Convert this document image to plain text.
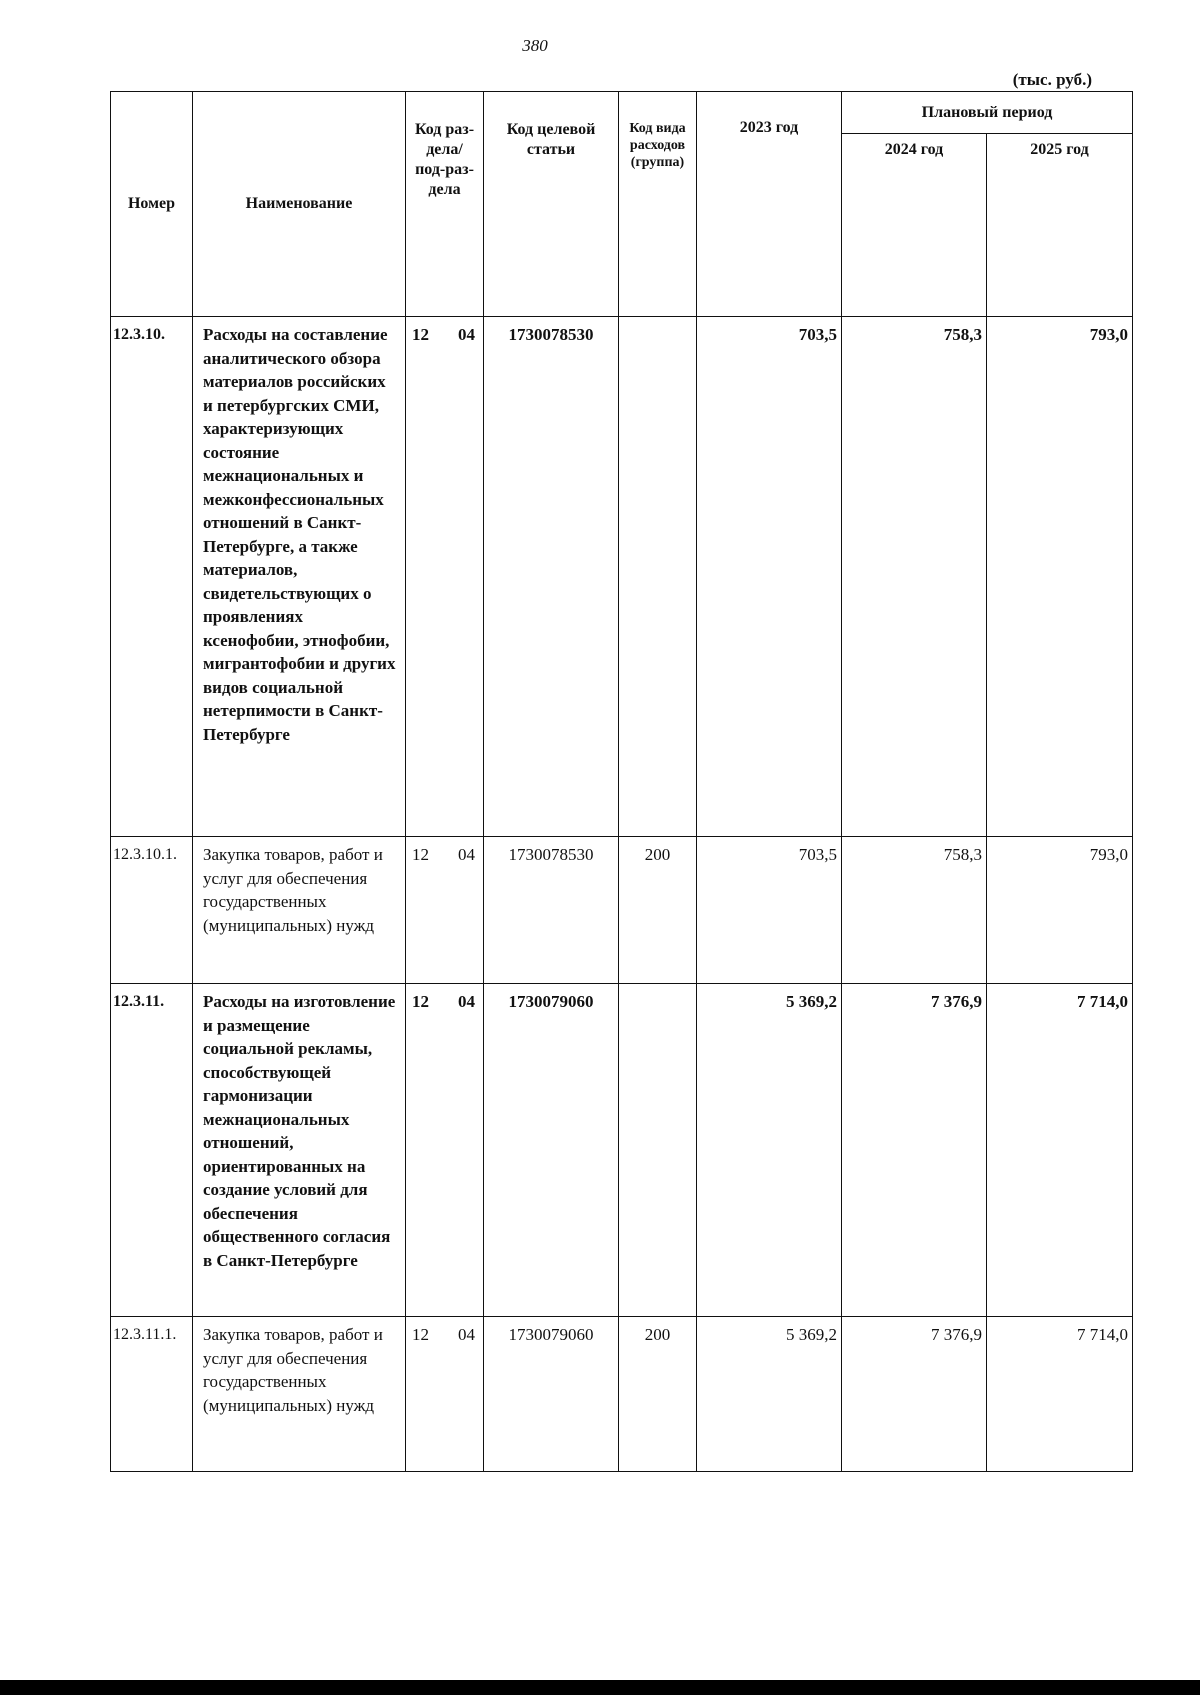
380
(тыс. руб.)
Номер	Наименование	Код раз-дела/ под-раз-дела	Код целевой статьи	Код вида расходов (группа)	2023 год	Плановый период	
						2024 год	2025 год
12.3.10.	Расходы на составление аналитического обзора материалов российских и петербургских СМИ, характеризующих состояние межнациональных и межконфессиональных отношений в Санкт-Петербурге, а также материалов, свидетельствующих о проявлениях ксенофобии, этнофобии, мигрантофобии и других видов социальной нетерпимости в Санкт-Петербурге	12 04	1730078530		703,5	758,3	793,0
12.3.10.1.	Закупка товаров, работ и услуг для обеспечения государственных (муниципальных) нужд	12 04	1730078530	200	703,5	758,3	793,0
12.3.11.	Расходы на изготовление и размещение социальной рекламы, способствующей гармонизации межнациональных отношений, ориентированных на создание условий для обеспечения общественного согласия в Санкт-Петербурге	12 04	1730079060		5 369,2	7 376,9	7 714,0
12.3.11.1.	Закупка товаров, работ и услуг для обеспечения государственных (муниципальных) нужд	12 04	1730079060	200	5 369,2	7 376,9	7 714,0
